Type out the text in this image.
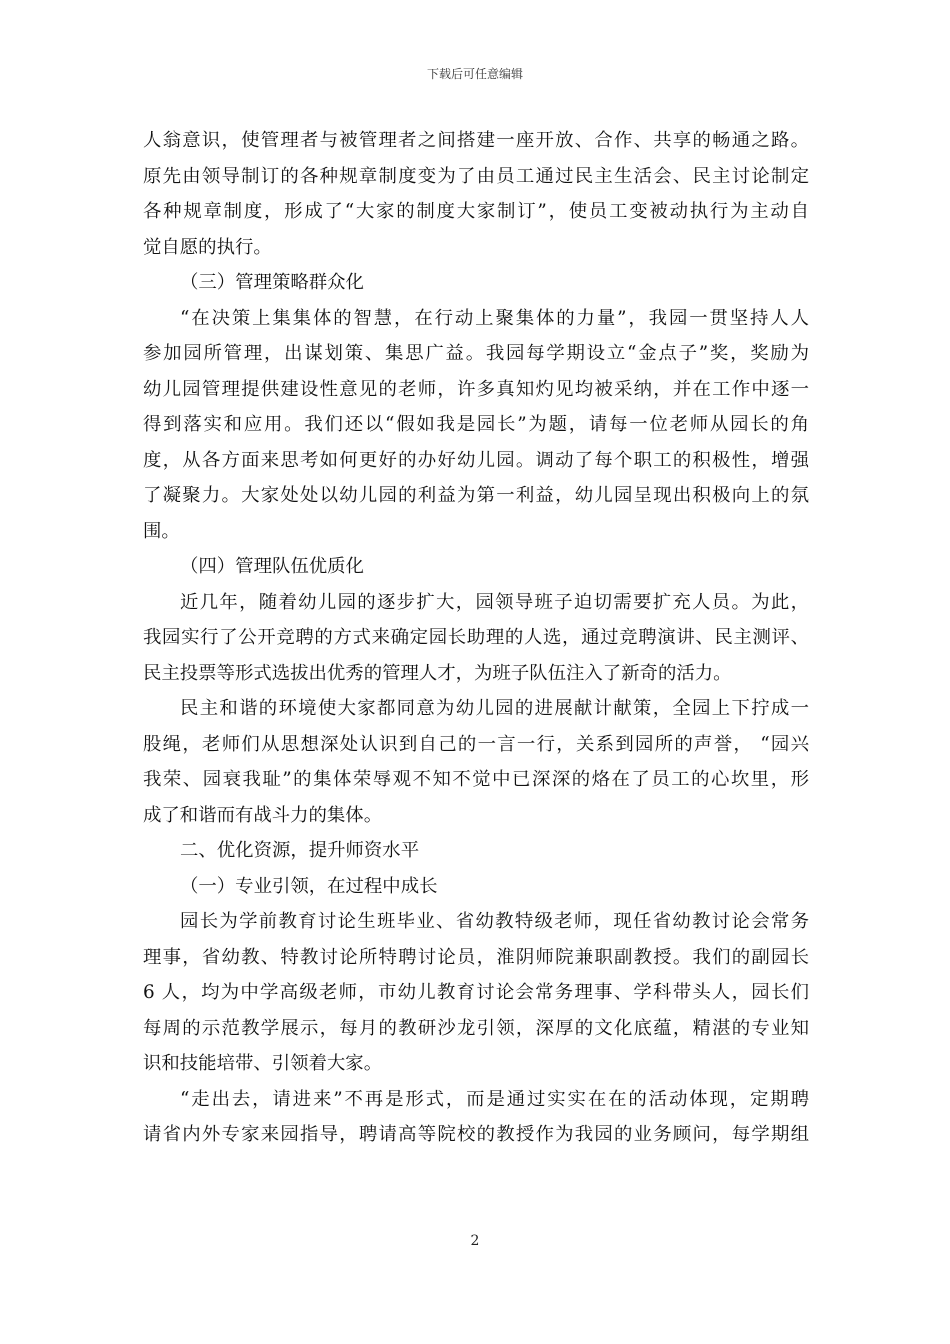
下载后可任意编辑
人翁意识，使管理者与被管理者之间搭建一座开放、合作、共享的畅通之路。
原先由领导制订的各种规章制度变为了由员工通过民主生活会、民主讨论制定
各种规章制度，形成了“大家的制度大家制订”，使员工变被动执行为主动自
觉自愿的执行。
（三）管理策略群众化
“在决策上集集体的智慧，在行动上聚集体的力量”，我园一贯坚持人人
参加园所管理，出谋划策、集思广益。我园每学期设立“金点子”奖，奖励为
幼儿园管理提供建设性意见的老师，许多真知灼见均被采纳，并在工作中逐一
得到落实和应用。我们还以“假如我是园长”为题，请每一位老师从园长的角
度，从各方面来思考如何更好的办好幼儿园。调动了每个职工的积极性，增强
了凝聚力。大家处处以幼儿园的利益为第一利益，幼儿园呈现出积极向上的氛
围。
（四）管理队伍优质化
近几年，随着幼儿园的逐步扩大，园领导班子迫切需要扩充人员。为此，
我园实行了公开竞聘的方式来确定园长助理的人选，通过竞聘演讲、民主测评、
民主投票等形式选拔出优秀的管理人才，为班子队伍注入了新奇的活力。
民主和谐的环境使大家都同意为幼儿园的进展献计献策，全园上下拧成一
股绳，老师们从思想深处认识到自己的一言一行，关系到园所的声誉， “园兴
我荣、园衰我耻”的集体荣辱观不知不觉中已深深的烙在了员工的心坎里，形
成了和谐而有战斗力的集体。
二、优化资源，提升师资水平
（一）专业引领，在过程中成长
园长为学前教育讨论生班毕业、省幼教特级老师，现任省幼教讨论会常务
理事，省幼教、特教讨论所特聘讨论员，淮阴师院兼职副教授。我们的副园长
6 人，均为中学高级老师，市幼儿教育讨论会常务理事、学科带头人，园长们
每周的示范教学展示，每月的教研沙龙引领，深厚的文化底蕴，精湛的专业知
识和技能培带、引领着大家。
“走出去，请进来”不再是形式，而是通过实实在在的活动体现，定期聘
请省内外专家来园指导，聘请高等院校的教授作为我园的业务顾问，每学期组
2
